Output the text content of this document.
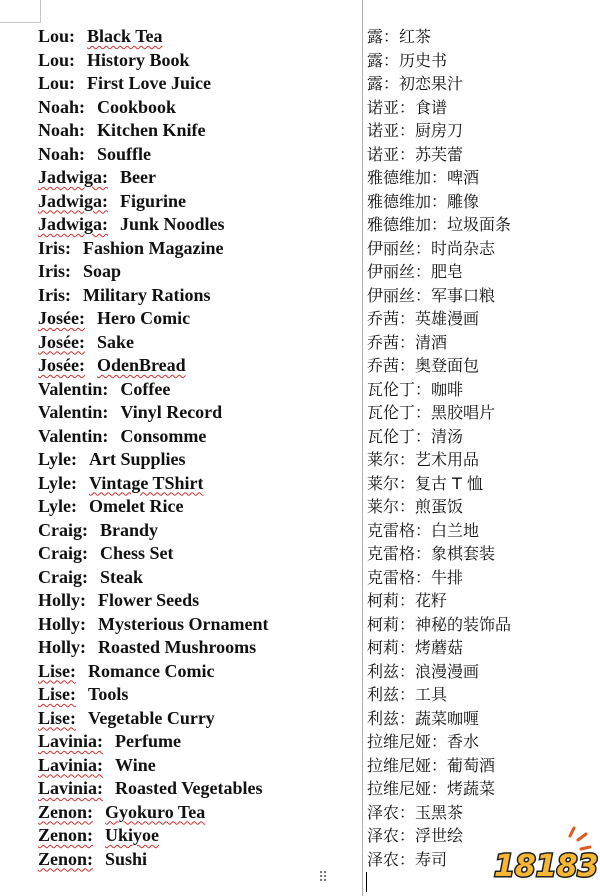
Lou: Black Tea
Lou: History Book
Lou: First Love Juice
Noah: Cookbook
Noah: Kitchen Knife
Noah: Souffle
Jadwiga: Beer
Jadwiga: Figurine
Jadwiga: Junk Noodles
Iris: Fashion Magazine
Iris: Soap
Iris: Military Rations
Josée: Hero Comic
Josée: Sake
Josée: OdenBread
Valentin: Coffee
Valentin: Vinyl Record
Valentin: Consomme
Lyle: Art Supplies
Lyle: Vintage TShirt
Lyle: Omelet Rice
Craig: Brandy
Craig: Chess Set
Craig: Steak
Holly: Flower Seeds
Holly: Mysterious Ornament
Holly: Roasted Mushrooms
Lise: Romance Comic
Lise: Tools
Lise: Vegetable Curry
Lavinia: Perfume
Lavinia: Wine
Lavinia: Roasted Vegetables
Zenon: Gyokuro Tea
Zenon: Ukiyoe
Zenon: Sushi
露：红茶
露：历史书
露：初恋果汁
诺亚：食谱
诺亚：厨房刀
诺亚：苏芙蕾
雅德维加：啤酒
雅德维加：雕像
雅德维加：垃圾面条
伊丽丝：时尚杂志
伊丽丝：肥皂
伊丽丝：军事口粮
乔茜：英雄漫画
乔茜：清酒
乔茜：奥登面包
瓦伦丁：咖啡
瓦伦丁：黑胶唱片
瓦伦丁：清汤
莱尔：艺术用品
莱尔：复古 T 恤
莱尔：煎蛋饭
克雷格：白兰地
克雷格：象棋套装
克雷格：牛排
柯莉：花籽
柯莉：神秘的装饰品
柯莉：烤蘑菇
利兹：浪漫漫画
利兹：工具
利兹：蔬菜咖喱
拉维尼娅：香水
拉维尼娅：葡萄酒
拉维尼娅：烤蔬菜
泽农：玉黑茶
泽农：浮世绘
泽农：寿司
⠿	18183
